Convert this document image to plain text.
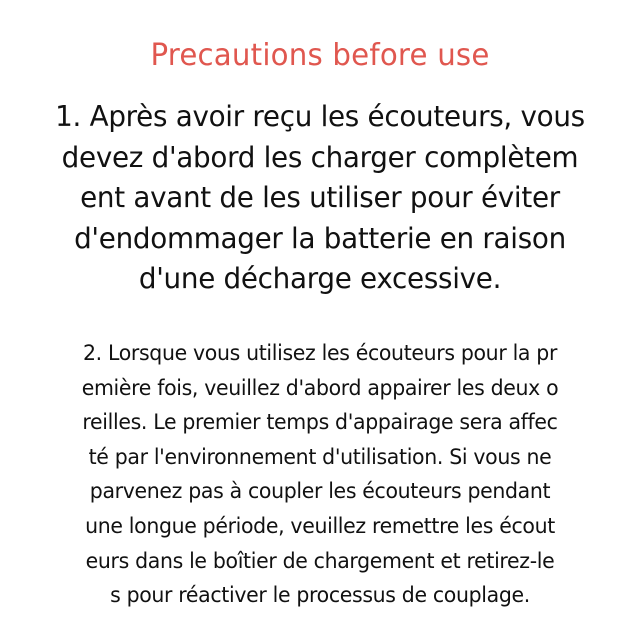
Precautions before use
1. Après avoir reçu les écouteurs, vous
devez d'abord les charger complètem
ent avant de les utiliser pour éviter
d'endommager la batterie en raison
d'une décharge excessive.
2. Lorsque vous utilisez les écouteurs pour la pr
emière fois, veuillez d'abord appairer les deux o
reilles. Le premier temps d'appairage sera affec
té par l'environnement d'utilisation. Si vous ne
parvenez pas à coupler les écouteurs pendant
une longue période, veuillez remettre les écout
eurs dans le boîtier de chargement et retirez-le
s pour réactiver le processus de couplage.
